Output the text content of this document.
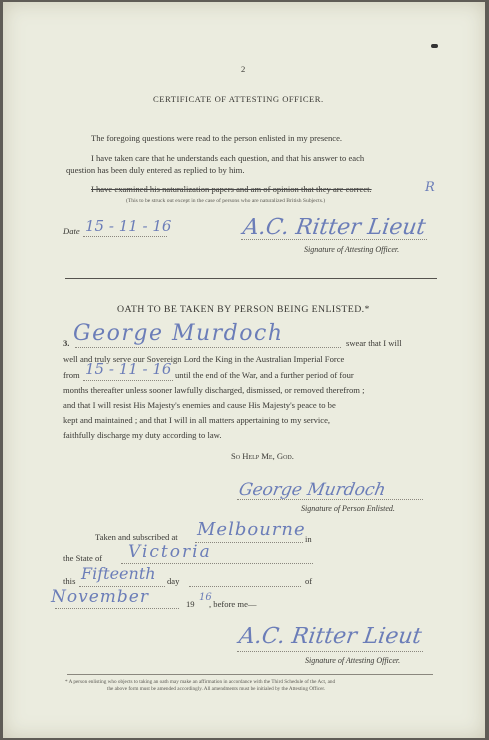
2
CERTIFICATE OF ATTESTING OFFICER.
The foregoing questions were read to the person enlisted in my presence.
I have taken care that he understands each question, and that his answer to each
question has been duly entered as replied to by him.
I have examined his naturalization papers and am of opinion that they are correct.	R
(This to be struck out except in the case of persons who are naturalized British Subjects.)
Date 15 - 11 - 16	A.C. Ritter Lieut
Signature of Attesting Officer.
OATH TO BE TAKEN BY PERSON BEING ENLISTED.*
3. George Murdoch	swear that I will
well and truly serve our Sovereign Lord the King in the Australian Imperial Force
from 15 - 11 - 16 until the end of the War, and a further period of four
months thereafter unless sooner lawfully discharged, dismissed, or removed therefrom ;
and that I will resist His Majesty's enemies and cause His Majesty's peace to be
kept and maintained ; and that I will in all matters appertaining to my service,
faithfully discharge my duty according to law.
So Help Me, God.
George Murdoch
Signature of Person Enlisted.
Taken and subscribed at Melbourne in
the State of Victoria
this Fifteenth day	of
November	19
16
, before me—
A.C. Ritter Lieut
Signature of Attesting Officer.
* A person enlisting who objects to taking an oath may make an affirmation in accordance with the Third Schedule of the Act, and
the above form must be amended accordingly. All amendments must be initialed by the Attesting Officer.
